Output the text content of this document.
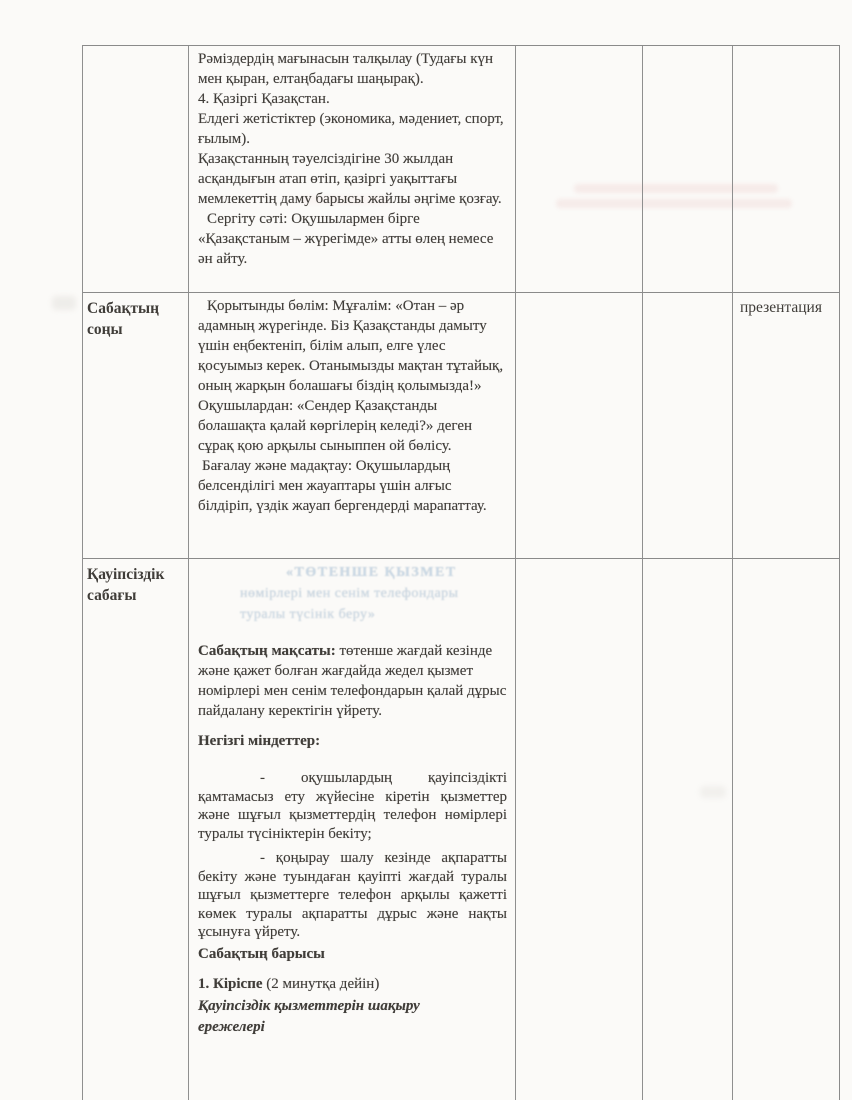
Рәміздердің мағынасын талқылау (Тудағы күн мен қыран, елтаңбадағы шаңырақ).

4. Қазіргі Қазақстан.

Елдегі жетістіктер (экономика, мәдениет, спорт, ғылым).

Қазақстанның тәуелсіздігіне 30 жылдан асқандығын атап өтіп, қазіргі уақыттағы мемлекеттің даму барысы жайлы әңгіме қозғау.

Сергіту сәті: Оқушылармен бірге «Қазақстаным – жүрегімде» атты өлең немесе ән айту.

Сабақтың соңы

Қорытынды бөлім: Мұғалім: «Отан – әр адамның жүрегінде. Біз Қазақстанды дамыту үшін еңбектеніп, білім алып, елге үлес қосуымыз керек. Отанымызды мақтан тұтайық, оның жарқын болашағы біздің қолымызда!»

Оқушылардан: «Сендер Қазақстанды болашақта қалай көргілерің келеді?» деген сұрақ қою арқылы сыныппен ой бөлісу.

Бағалау және мадақтау: Оқушылардың белсенділігі мен жауаптары үшін алғыс білдіріп, үздік жауап бергендерді марапаттау.

презентация
Қауіпсіздік сабағы

«ТӨТЕНШЕ ҚЫЗМЕТ
нөмірлері мен сенім телефондары
туралы түсінік беру»

Сабақтың мақсаты: төтенше жағдай кезінде және қажет болған жағдайда жедел қызмет номірлері мен сенім телефондарын қалай дұрыс пайдалану керектігін үйрету.

Негізгі міндеттер:

- оқушылардың қауіпсіздікті қамтамасыз ету жүйесіне кіретін қызметтер және шұғыл қызметтердің телефон нөмірлері туралы түсініктерін бекіту;

- қоңырау шалу кезінде ақпаратты бекіту және туындаған қауіпті жағдай туралы шұғыл қызметтерге телефон арқылы қажетті көмек туралы ақпаратты дұрыс және нақты ұсынуға үйрету.

Сабақтың барысы

1. Кіріспе (2 минутқа дейін)

Қауіпсіздік қызметтерін шақыру ережелері
